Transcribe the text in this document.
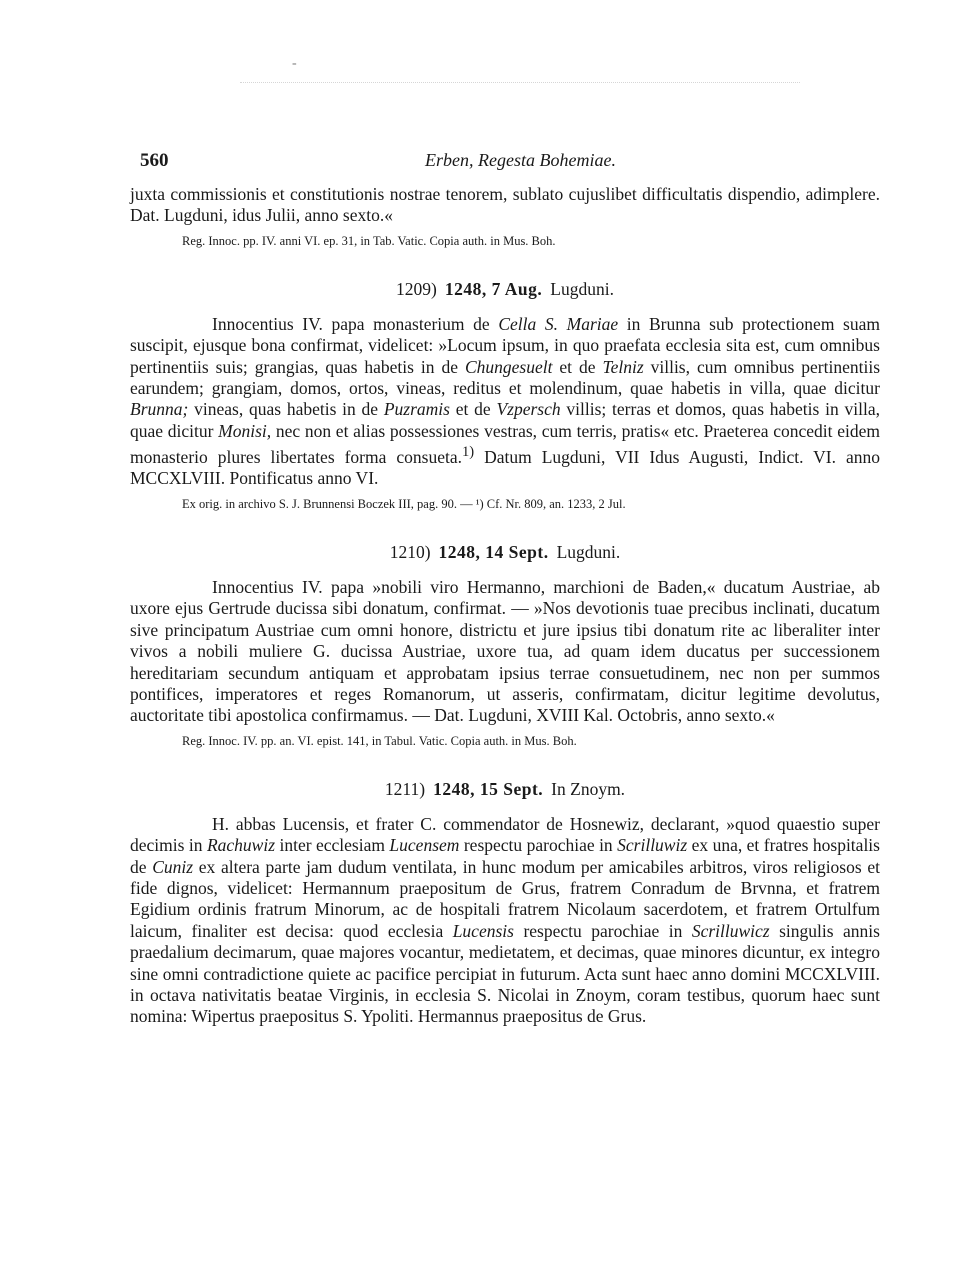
-
560	Erben, Regesta Bohemiae.

juxta commissionis et constitutionis nostrae tenorem, sublato cujuslibet difficultatis dispendio, adimplere. Dat. Lugduni, idus Julii, anno sexto.«

Reg. Innoc. pp. IV. anni VI. ep. 31, in Tab. Vatic. Copia auth. in Mus. Boh.

1209) 1248, 7 Aug. Lugduni.

Innocentius IV. papa monasterium de Cella S. Mariae in Brunna sub protectionem suam suscipit, ejusque bona confirmat, videlicet: »Locum ipsum, in quo praefata ecclesia sita est, cum omnibus pertinentiis suis; grangias, quas habetis in de Chungesuelt et de Telniz villis, cum omnibus pertinentiis earundem; grangiam, domos, ortos, vineas, reditus et molendinum, quae habetis in villa, quae dicitur Brunna; vineas, quas habetis in de Puzramis et de Vzpersch villis; terras et domos, quas habetis in villa, quae dicitur Monisi, nec non et alias possessiones vestras, cum terris, pratis« etc. Praeterea concedit eidem monasterio plures libertates forma consueta.$^{1)}$ Datum Lugduni, VII Idus Augusti, Indict. VI. anno MCCXLVIII. Pontificatus anno VI.

Ex orig. in archivo S. J. Brunnensi Boczek III, pag. 90. — ¹) Cf. Nr. 809, an. 1233, 2 Jul.

1210) 1248, 14 Sept. Lugduni.

Innocentius IV. papa »nobili viro Hermanno, marchioni de Baden,« ducatum Austriae, ab uxore ejus Gertrude ducissa sibi donatum, confirmat. — »Nos devotionis tuae precibus inclinati, ducatum sive principatum Austriae cum omni honore, districtu et jure ipsius tibi donatum rite ac liberaliter inter vivos a nobili muliere G. ducissa Austriae, uxore tua, ad quam idem ducatus per successionem hereditariam secundum antiquam et approbatam ipsius terrae consuetudinem, nec non per summos pontifices, imperatores et reges Romanorum, ut asseris, confirmatam, dicitur legitime devolutus, auctoritate tibi apostolica confirmamus. — Dat. Lugduni, XVIII Kal. Octobris, anno sexto.«

Reg. Innoc. IV. pp. an. VI. epist. 141, in Tabul. Vatic. Copia auth. in Mus. Boh.

1211) 1248, 15 Sept. In Znoym.

H. abbas Lucensis, et frater C. commendator de Hosnewiz, declarant, »quod quaestio super decimis in Rachuwiz inter ecclesiam Lucensem respectu parochiae in Scrilluwiz ex una, et fratres hospitalis de Cuniz ex altera parte jam dudum ventilata, in hunc modum per amicabiles arbitros, viros religiosos et fide dignos, videlicet: Hermannum praepositum de Grus, fratrem Conradum de Brvnna, et fratrem Egidium ordinis fratrum Minorum, ac de hospitali fratrem Nicolaum sacerdotem, et fratrem Ortulfum laicum, finaliter est decisa: quod ecclesia Lucensis respectu parochiae in Scrilluwicz singulis annis praedalium decimarum, quae majores vocantur, medietatem, et decimas, quae minores dicuntur, ex integro sine omni contradictione quiete ac pacifice percipiat in futurum. Acta sunt haec anno domini MCCXLVIII. in octava nativitatis beatae Virginis, in ecclesia S. Nicolai in Znoym, coram testibus, quorum haec sunt nomina: Wipertus praepositus S. Ypoliti. Hermannus praepositus de Grus.
